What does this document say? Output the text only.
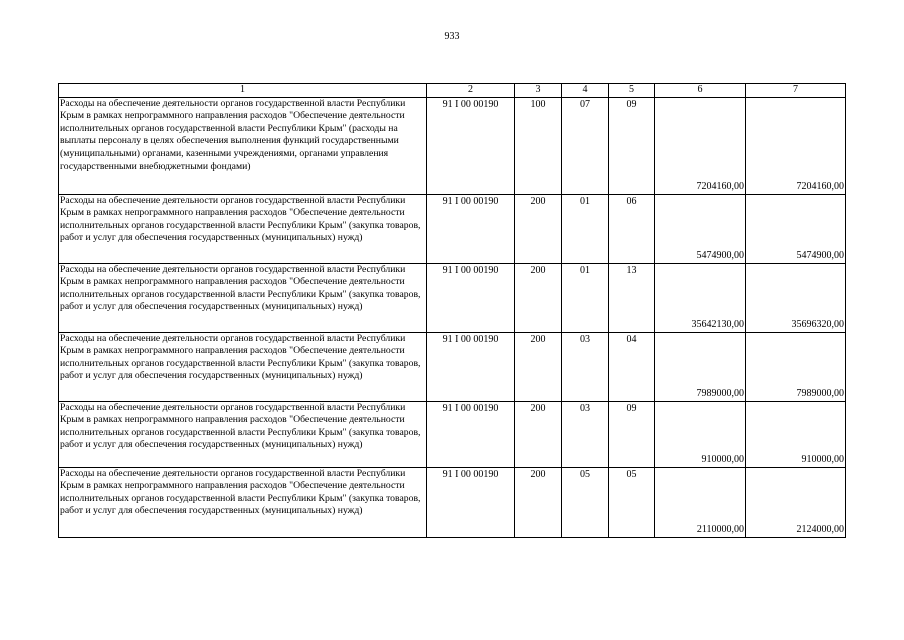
933
1	2	3	4	5	6	7
Расходы на обеспечение деятельности органов государственной власти Республики Крым в рамках непрограммного направления расходов "Обеспечение деятельности исполнительных органов государственной власти Республики Крым" (расходы на выплаты персоналу в целях обеспечения выполнения функций государственными (муниципальными) органами, казенными учреждениями, органами управления государственными внебюджетными фондами)	91 I 00 00190	100	07	09	7204160,00	7204160,00
Расходы на обеспечение деятельности органов государственной власти Республики Крым в рамках непрограммного направления расходов "Обеспечение деятельности исполнительных органов государственной власти Республики Крым" (закупка товаров, работ и услуг для обеспечения государственных (муниципальных) нужд)	91 I 00 00190	200	01	06	5474900,00	5474900,00
Расходы на обеспечение деятельности органов государственной власти Республики Крым в рамках непрограммного направления расходов "Обеспечение деятельности исполнительных органов государственной власти Республики Крым" (закупка товаров, работ и услуг для обеспечения государственных (муниципальных) нужд)	91 I 00 00190	200	01	13	35642130,00	35696320,00
Расходы на обеспечение деятельности органов государственной власти Республики Крым в рамках непрограммного направления расходов "Обеспечение деятельности исполнительных органов государственной власти Республики Крым" (закупка товаров, работ и услуг для обеспечения государственных (муниципальных) нужд)	91 I 00 00190	200	03	04	7989000,00	7989000,00
Расходы на обеспечение деятельности органов государственной власти Республики Крым в рамках непрограммного направления расходов "Обеспечение деятельности исполнительных органов государственной власти Республики Крым" (закупка товаров, работ и услуг для обеспечения государственных (муниципальных) нужд)	91 I 00 00190	200	03	09	910000,00	910000,00
Расходы на обеспечение деятельности органов государственной власти Республики Крым в рамках непрограммного направления расходов "Обеспечение деятельности исполнительных органов государственной власти Республики Крым" (закупка товаров, работ и услуг для обеспечения государственных (муниципальных) нужд)	91 I 00 00190	200	05	05	2110000,00	2124000,00
